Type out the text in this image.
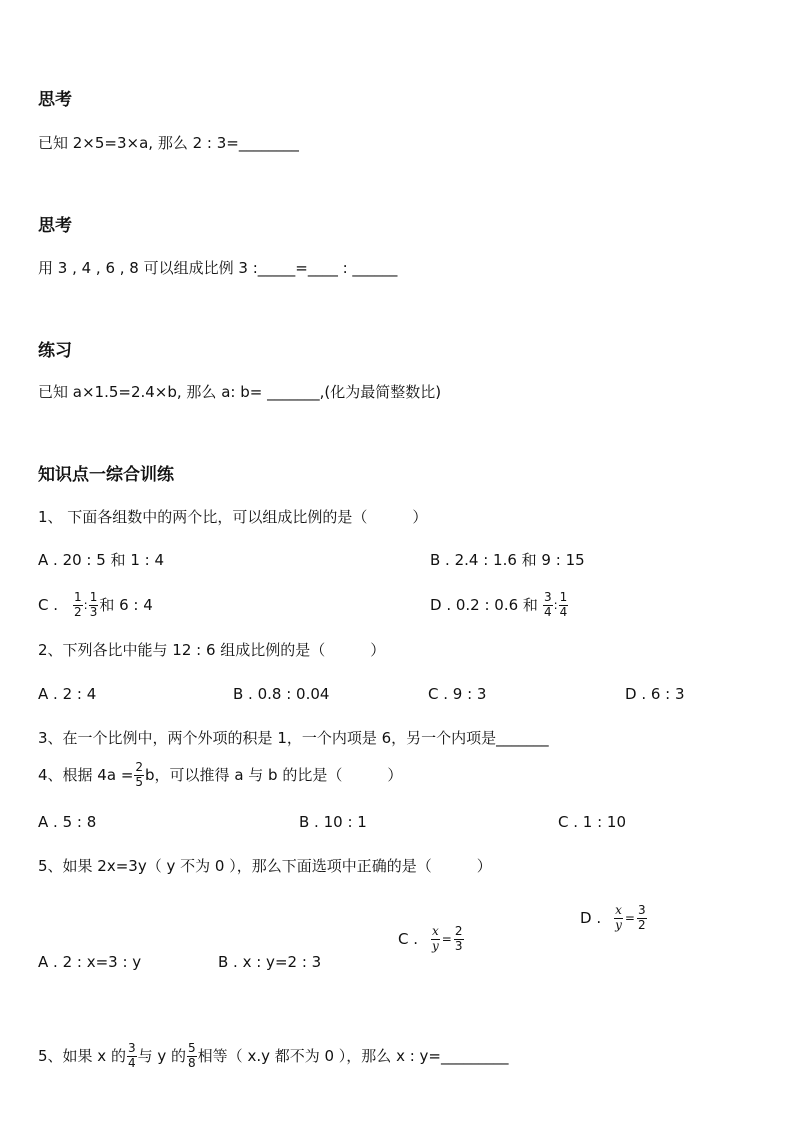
思考
已知 2×5=3×a, 那么 2 : 3=________
思考
用 3 , 4 , 6 , 8 可以组成比例 3 :_____=____ : ______
练习
已知 a×1.5=2.4×b, 那么 a: b= _______,(化为最简整数比)
知识点一综合训练
1、 下面各组数中的两个比，可以组成比例的是（　　　）
A . 20 : 5 和 1 : 4	B . 2.4 : 1.6 和 9 : 15
C . $\frac{1}{2}$ : $\frac{1}{3}$ 和 6 : 4	D . 0.2 : 0.6 和 $\frac{3}{4}$ : $\frac{1}{4}$
2、下列各比中能与 12 : 6 组成比例的是（　　　）
A . 2 : 4	B . 0.8 : 0.04	C . 9 : 3	D . 6 : 3
3、在一个比例中，两个外项的积是 1，一个内项是 6，另一个内项是_______
4、根据 $4a = \frac{2}{5}$ b，可以推得 a 与 b 的比是（　　　）
A . 5 : 8	B . 10 : 1	C . 1 : 10
5、如果 2x=3y（ y 不为 0 ），那么下面选项中正确的是（　　　）
D . $\frac{x}{y} = \frac{3}{2}$
C . $\frac{x}{y} = \frac{2}{3}$
A . 2 : x=3 : y	B . x : y=2 : 3
5、如果 x 的 $\frac{3}{4}$ 与 y 的 $\frac{5}{8}$ 相等（ x.y 都不为 0 ），那么 x : y=_________
